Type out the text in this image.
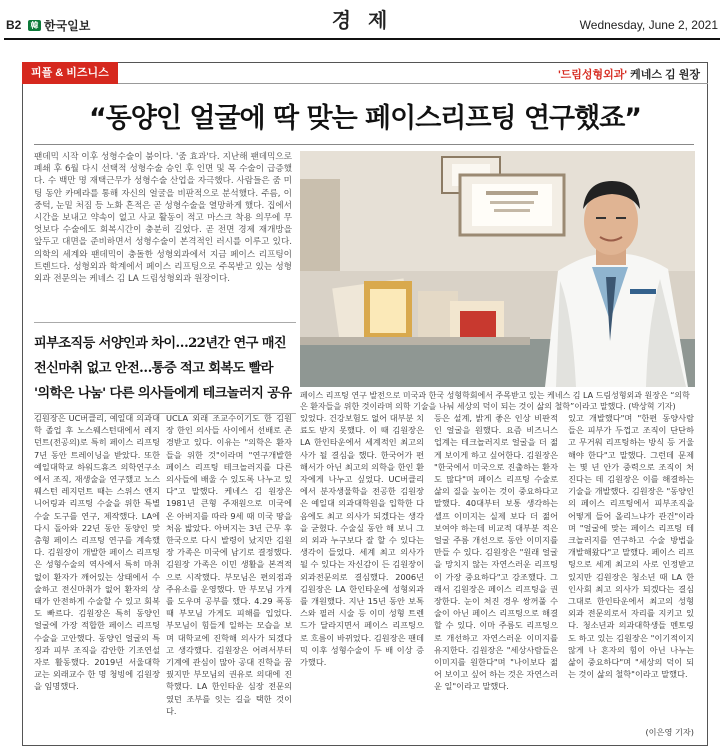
B2	韓 한국일보	경 제	Wednesday, June 2, 2021
피플 & 비즈니스	'드림성형외과' 케네스 김 원장
“동양인 얼굴에 딱 맞는 페이스리프팅 연구했죠”

팬데믹 시작 이후 성형수술이 붐이다. '줌 효과'다. 지난해 팬데믹으로 폐쇄 후 6월 다시 선택적 성형수술 승인 후 인면 및 목 수술이 급증했다. 수 백만 명 재택근무가 성형수술 산업을 자극했다. 사람들은 줌 미팅 동안 카메라를 통해 자신의 얼굴을 비판적으로 분석했다. 주름, 이중턱, 눈밑 처짐 등 노화 흔적은 곧 성형수술을 열망하게 했다. 집에서 시간을 보내고 약속이 없고 사교 활동이 적고 마스크 착용 의무에 무엇보다 수술에도 회복시간이 충분히 길었다. 곧 전면 경제 재개방을 앞두고 대면을 준비하면서 성형수술이 본격적인 러시를 이루고 있다. 의학의 세계와 팬데믹이 충돌한 성형외과에서 지금 페이스 리프팅이 트렌드다. 성형외과 학계에서 페이스 리프팅으로 주목받고 있는 성형외과 전문의는 케네스 김 LA 드림성형외과 원장이다.

페이스 리프팅 연구 발전으로 미국과 한국 성형학회에서 주목받고 있는 케네스 김 LA 드림성형외과 원장은 “의학은 환자들을 위한 것이라며 의학 기술을 나눠 세상의 덕이 되는 것이 삶의 철학”이라고 말했다. (박상혁 기자)

피부조직등 서양인과 차이…22년간 연구 매진
전신마취 없고 안전…통증 적고 회복도 빨라
'의학은 나눔' 다른 의사들에게 테크놀러지 공유
김원장은 UC버클리, 예일대 의과대학 졸업 후 노스웨스턴대에서 레지던트(전공의)로 특히 페이스 리프팅 7년 동안 트레이닝을 받았다. 또한 예일대학교 하워드휴즈 의학연구소에서 조직, 재생술을 연구했고 노스웨스턴 레지던트 때는 스위스 엔지니어링과 리프팅 수술을 위한 특별 수술 도구를 연구, 제작했다. LA에 다시 돌아와 22년 동안 동양인 맞춤형 페이스 리프팅 연구를 계속했다. 김원장이 개발한 페이스 리프팅은 성형수술의 역사에서 특히 마취 없이 환자가 깨어있는 상태에서 수술하고 전신마취가 없어 환자의 상태가 안전하게 수술할 수 있고 회복도 빠르다. 김원장은 특히 동양인 얼굴에 가장 적합한 페이스 리프팅 수술을 고안했다. 동양인 얼굴의 특징과 피부 조직을 감안한 기조연설자로 활동했다. 2019년 서울대학교는 외래교수 한 명 청빙에 김원장을 임명했다.
UCLA 외래 조교수이기도 한 김원장 한인 의사들 사이에서 선배로 존경받고 있다. 이유는 "의학은 환자들을 위한 것"이라며 "연구개발한 페이스 리프팅 테크놀러지를 다른 의사들에 배울 수 있도록 나누고 있다"고 말했다. 케네스 김 원장은 1981년 큰형 주재원으로 미국에 온 아버지를 따라 9세 때 미국 땅을 처음 밟았다. 아버지는 3년 근무 후 한국으로 다시 발령이 났지만 김원장 가족은 미국에 남기로 결정했다. 김원장 가족은 이민 생활을 본격적으로 시작했다. 부모님은 편의점과 주유소를 운영했다. 만 부모님 가게를 도우며 공부를 했다. 4.29 폭동 때 부모님 가게도 피해를 입었다. 부모님이 힘들게 일하는 모습을 보며 대학교에 진학해 의사가 되겠다고 생각했다. 김원장은 어려서부터 기계에 관심이 많아 공대 진학을 꿈꿨지만 부모님의 권유로 의대에 진학했다. LA 한인타운 심장 전문의였던 조부를 잇는 길을 택한 것이다.
있었다. 건강보험도 없어 대부분 치료도 받지 못했다. 이 때 김원장은 LA 한인타운에서 세계적인 최고의 사가 될 결심을 했다. 한국어가 편해서가 아닌 최고의 의학을 한인 환자에게 나누고 싶었다. UC버클리에서 분자생물학을 전공한 김원장은 예일대 의과대학원을 입학한 다음에도 최고 의사가 되겠다는 생각을 굳혔다. 수술실 동안 해 보니 그의 외과 누구보다 잘 할 수 있다는 생각이 들었다. 세계 최고 의사가 될 수 있다는 자신감이 든 김원장이 외과전문의로 결심했다. 2006년 김원장은 LA 한인타운에 성형외과를 개원했다. 지난 15년 동안 보톡스와 필러 시술 등 이미 성형 트렌드가 달라지면서 페이스 리프팅으로 흐름이 바뀌었다. 김원장은 팬데믹 이후 성형수술이 두 배 이상 증가했다.
등은 설계, 밝게 좋은 인상 비판적인 얼굴을 원했다. 요즘 비즈니스 업계는 테크놀러지로 얼굴을 더 젊게 보이게 하고 싶어한다. 김원장은 "한국에서 미국으로 진출하는 환자도 많다"며 페이스 리프팅 수술로 삶의 질을 높이는 것이 중요하다고 말했다. 40대부터 보통 생각하는 셀프 이미지는 실제 보다 더 젊어 보여야 하는데 비교적 대부분 적은 얼굴 주름 개선으로 동안 이미지를 만들 수 있다. 김원장은 "원래 얼굴을 망치지 않는 자연스러운 리프팅이 가장 중요하다"고 강조했다. 그래서 김원장은 페이스 리프팅을 권장한다. 눈이 처진 경우 쌍꺼풀 수술이 아닌 페이스 리프팅으로 해결할 수 있다. 이마 주름도 리프팅으로 개선하고 자연스러운 이미지를 유지한다. 김원장은 "세상사람들은 이미지를 원한다"며 "나이보다 젊어 보이고 싶어 하는 것은 자연스러운 일"이라고 말했다.
있고 개발했다"며 "한편 동양사람들은 피부가 두껍고 조직이 단단하고 무거워 리프팅하는 방식 등 거울해야 한다"고 말했다. 그런데 문제는 몇 년 안가 중력으로 조직이 처진다는 데 김원장은 이를 해결하는 기술을 개발했다. 김원장은 "동양인의 페이스 리프팅에서 피부조직을 어떻게 들어 올리느냐가 관건"이라며 "얼굴에 맞는 페이스 리프팅 테크놀러지를 연구하고 수술 방법을 개발해왔다"고 말했다. 페이스 리프팅으로 세계 최고의 사로 인정받고 있지만 김원장은 청소년 때 LA 한인사회 최고 의사가 되겠다는 결심 그대로 한인타운에서 최고의 성형외과 전문의로서 자리를 지키고 있다. 청소년과 의과대학생들 멘토링도 하고 있는 김원장은 "이기적이지 않게 나 혼자의 힘이 아닌 나누는 삶이 중요하다"며 "세상의 덕이 되는 것이 삶의 철학"이라고 말했다.
(이은영 기자)
